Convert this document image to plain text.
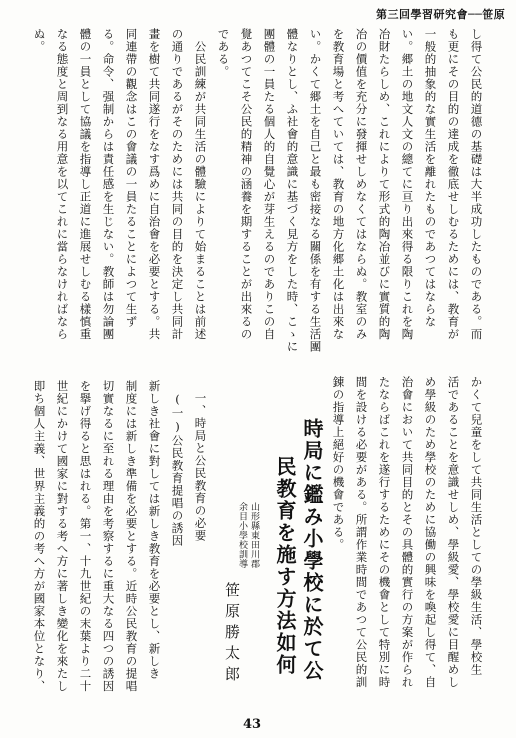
第三回學習研究會──笹原
し得て公民的道德の基礎は大半成功したものである。而
も更にその目的の達成を徹底せしむるためには、教育が
一般的抽象的な實生活を離れたものであつてはならな
い。郷土の地文人文の總てに亘り出來得る限りこれを陶
冶財たらしめ、これによりて形式的陶冶並びに實質的陶
冶の價值を充分に發揮せしめなくてはならぬ。教室のみ
を教育場と考へていては、教育の地方化郷土化は出來な
い。かくて郷土を自己と最も密接なる關係を有する生活團
體なりとし、ふ社會的意識に基づく見方をした時、こゝに
團體の一員たる個人的自覺心が芽生えるのでありこの自
覺あつてこそ公民的精神の涵養を期することが出來るの
である。
　公民訓練が共同生活の體驗によりて始まることは前述
の通りであるがそのためには共同の目的を決定し共同計
畫を樹て共同遂行をなす爲めに自治會を必要とする。共
同連帶の觀念はこの會議の一員たることによつて生ず
る。命令、强制からは責任感を生じない。教師は勿論團
體の一員として協議を指導し正道に進展せしむる樣慎重
なる態度と周到なる用意を以てこれに當らなければなら
ぬ。
かくて兒童をして共同生活としての學級生活、學校生
活であることを意識せしめ、學級愛、學校愛に目醒めし
め學級のため學校のために協働の興味を喚起し得て、自
治會において共同目的とその具體的實行の方案が作られ
たならばこれを遂行するためにその機會として特別に時
間を設ける必要がある。所謂作業時間であつて公民的訓
錬の指導上絕好の機會である。
時局に鑑み小學校に於て公
民教育を施す方法如何
山形縣東田川郡
余目小學校訓導
笹原勝太郎
一、時局と公民教育の必要
(一)公民教育提唱の誘因
新しき社會に對しては新しき教育を必要とし、新しき
制度には新しき準備を必要とする。近時公民教育の提唱
切實なるに至れる理由を考察するに重大なる四つの誘因
を擧げ得ると思はれる。第一、十九世紀の末葉より二十
世紀にかけて國家に對する考へ方に著しき變化を來たし
即ち個人主義、世界主義的の考へ方が國家本位となり、
43
